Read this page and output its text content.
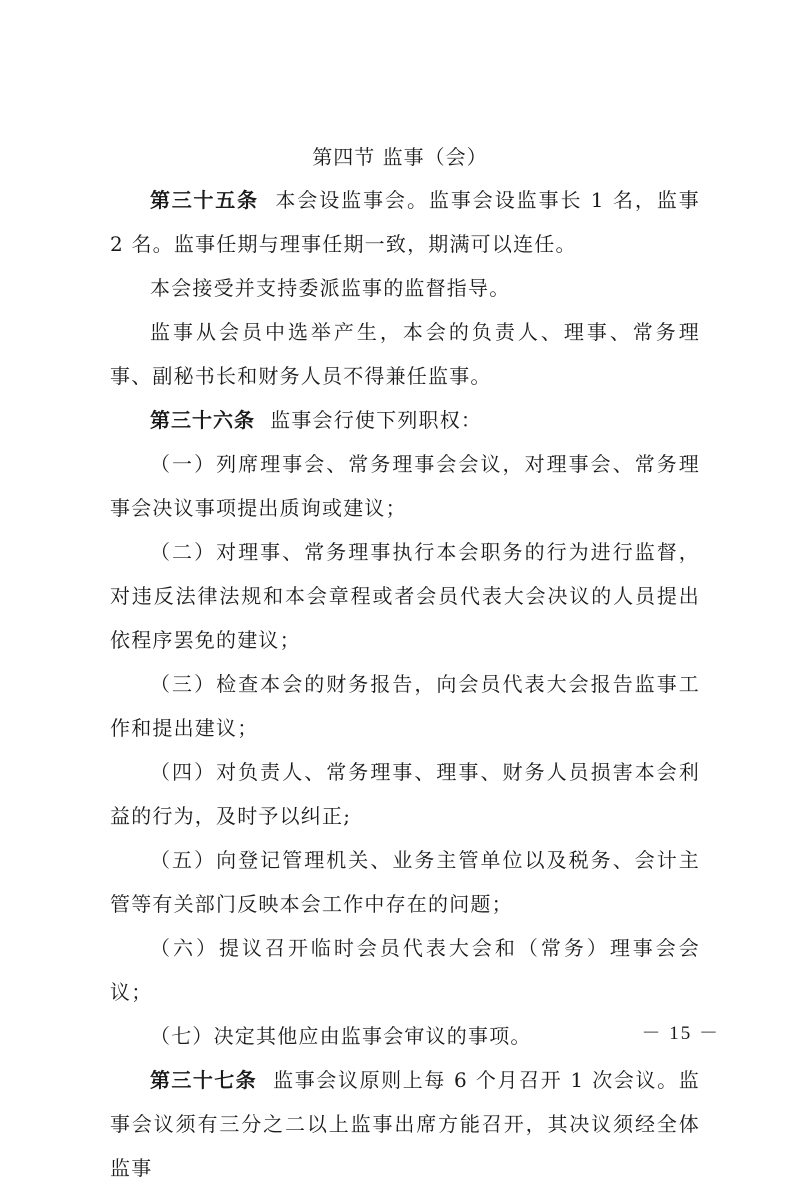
第四节 监事（会）

第三十五条 本会设监事会。监事会设监事长 1 名，监事 2 名。监事任期与理事任期一致，期满可以连任。

本会接受并支持委派监事的监督指导。

监事从会员中选举产生，本会的负责人、理事、常务理事、副秘书长和财务人员不得兼任监事。

第三十六条 监事会行使下列职权：

（一）列席理事会、常务理事会会议，对理事会、常务理事会决议事项提出质询或建议；

（二）对理事、常务理事执行本会职务的行为进行监督，对违反法律法规和本会章程或者会员代表大会决议的人员提出依程序罢免的建议；

（三）检查本会的财务报告，向会员代表大会报告监事工作和提出建议；

（四）对负责人、常务理事、理事、财务人员损害本会利益的行为，及时予以纠正;

（五）向登记管理机关、业务主管单位以及税务、会计主管等有关部门反映本会工作中存在的问题；

（六）提议召开临时会员代表大会和（常务）理事会会议；

（七）决定其他应由监事会审议的事项。

第三十七条 监事会议原则上每 6 个月召开 1 次会议。监事会议须有三分之二以上监事出席方能召开，其决议须经全体监事

－ 15 －
